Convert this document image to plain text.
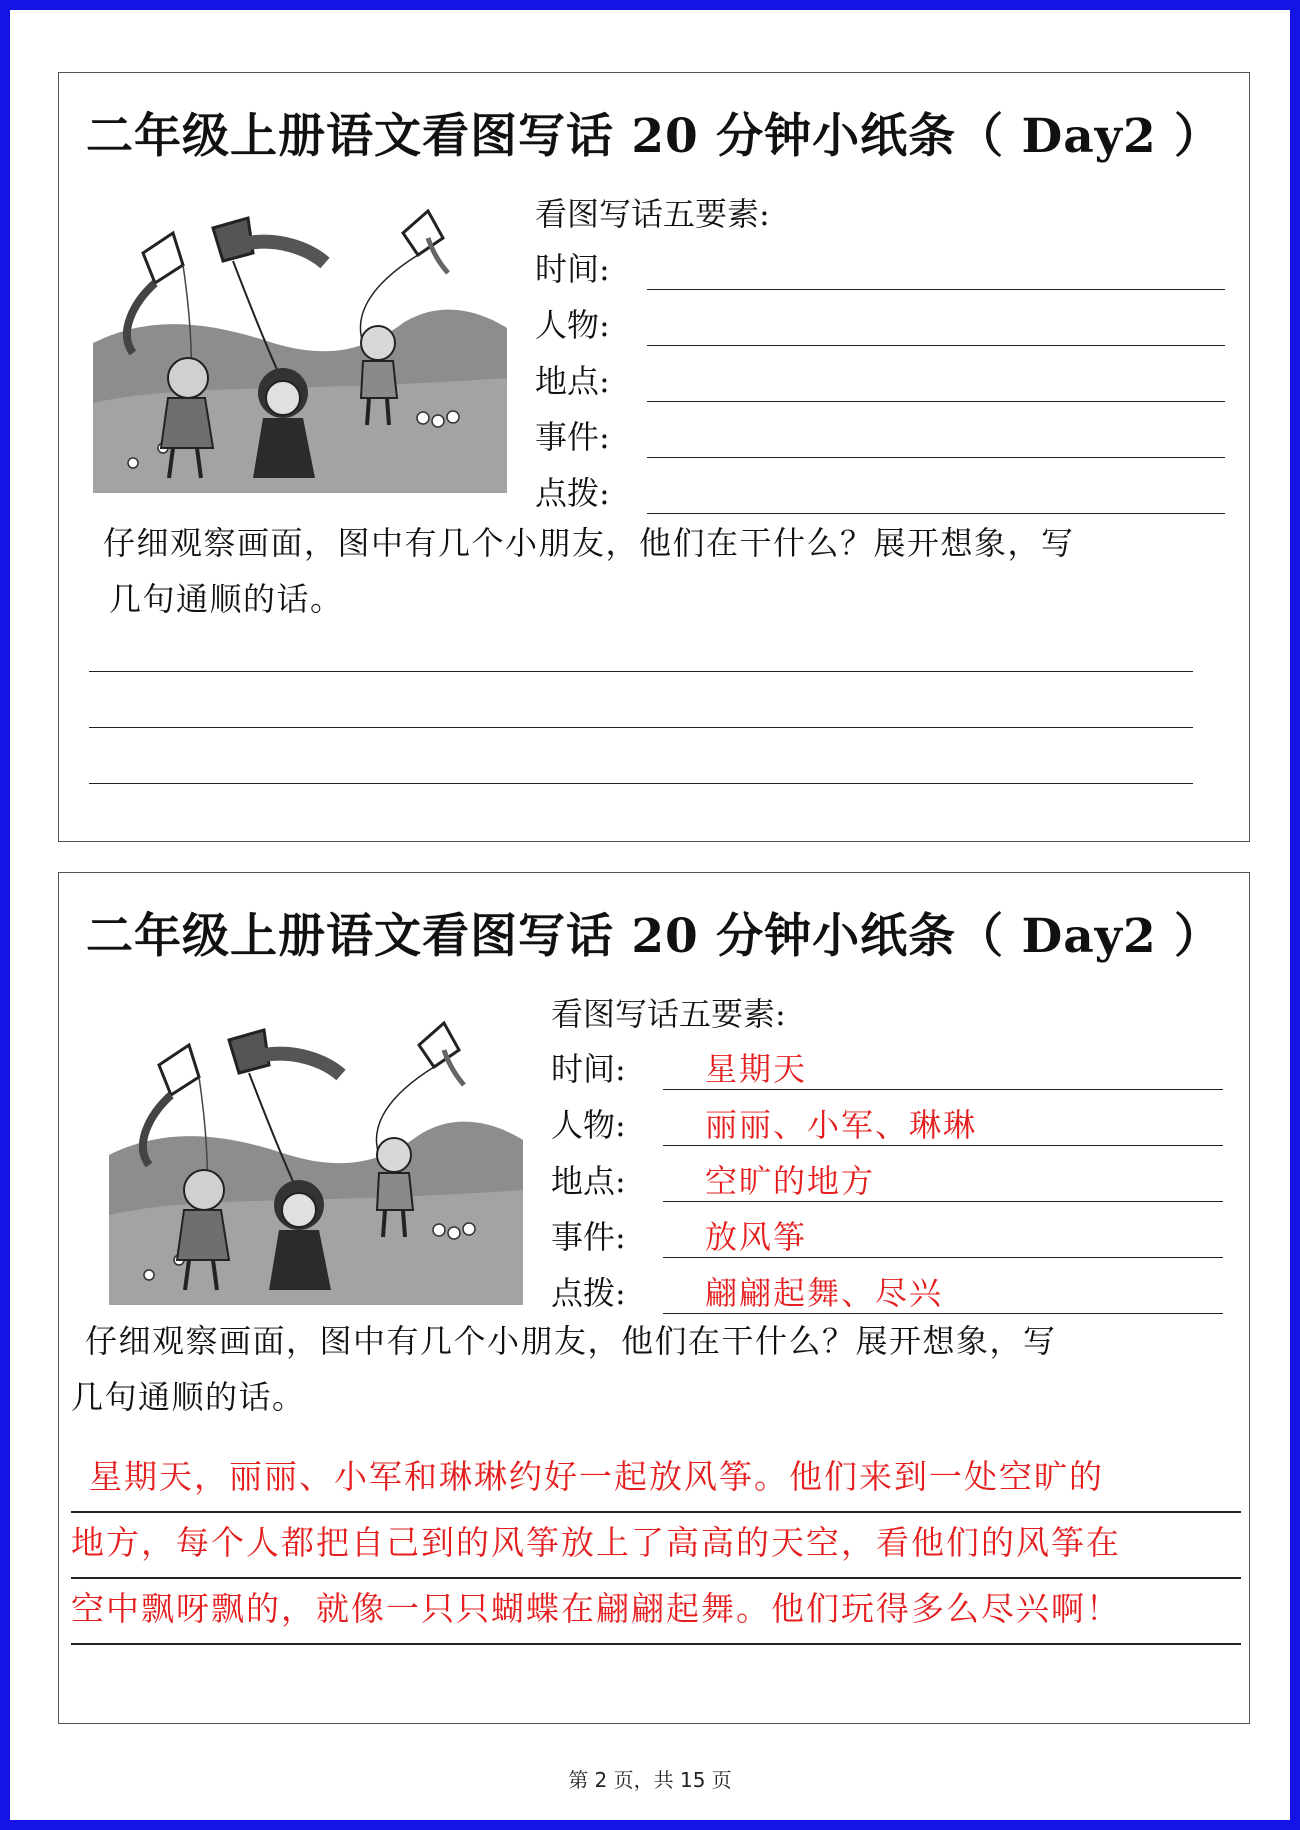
二年级上册语文看图写话 20 分钟小纸条（ Day2 ）
看图写话五要素:
时间:
人物:
地点:
事件:
点拨:
仔细观察画面，图中有几个小朋友，他们在干什么？展开想象，写
几句通顺的话。
二年级上册语文看图写话 20 分钟小纸条（ Day2 ）
看图写话五要素:
时间: 星期天
人物: 丽丽、小军、琳琳
地点: 空旷的地方
事件: 放风筝
点拨: 翩翩起舞、尽兴
仔细观察画面，图中有几个小朋友，他们在干什么？展开想象，写
几句通顺的话。
星期天，丽丽、小军和琳琳约好一起放风筝。他们来到一处空旷的
地方，每个人都把自己到的风筝放上了高高的天空，看他们的风筝在
空中飘呀飘的，就像一只只蝴蝶在翩翩起舞。他们玩得多么尽兴啊！
第 2 页，共 15 页
